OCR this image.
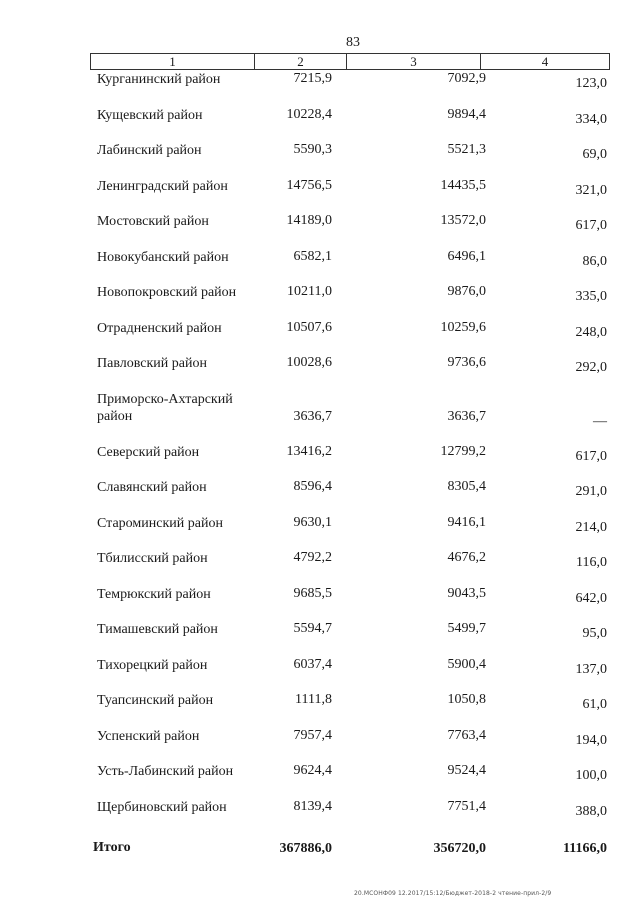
83
1	2	3	4
Курганинский район	7215,9	7092,9	123,0
Кущевский район	10228,4	9894,4	334,0
Лабинский район	5590,3	5521,3	69,0
Ленинградский район	14756,5	14435,5	321,0
Мостовский район	14189,0	13572,0	617,0
Новокубанский район	6582,1	6496,1	86,0
Новопокровский район	10211,0	9876,0	335,0
Отрадненский район	10507,6	10259,6	248,0
Павловский район	10028,6	9736,6	292,0
Приморско-Ахтарский район	3636,7	3636,7	—
Северский район	13416,2	12799,2	617,0
Славянский район	8596,4	8305,4	291,0
Староминский район	9630,1	9416,1	214,0
Тбилисский район	4792,2	4676,2	116,0
Темрюкский район	9685,5	9043,5	642,0
Тимашевский район	5594,7	5499,7	95,0
Тихорецкий район	6037,4	5900,4	137,0
Туапсинский район	1111,8	1050,8	61,0
Успенский район	7957,4	7763,4	194,0
Усть-Лабинский район	9624,4	9524,4	100,0
Щербиновский район	8139,4	7751,4	388,0
Итого	367886,0	356720,0	11166,0
20.МСОНФ09 12.2017/15:12/Бюджет-2018-2 чтение-прил-2/9
